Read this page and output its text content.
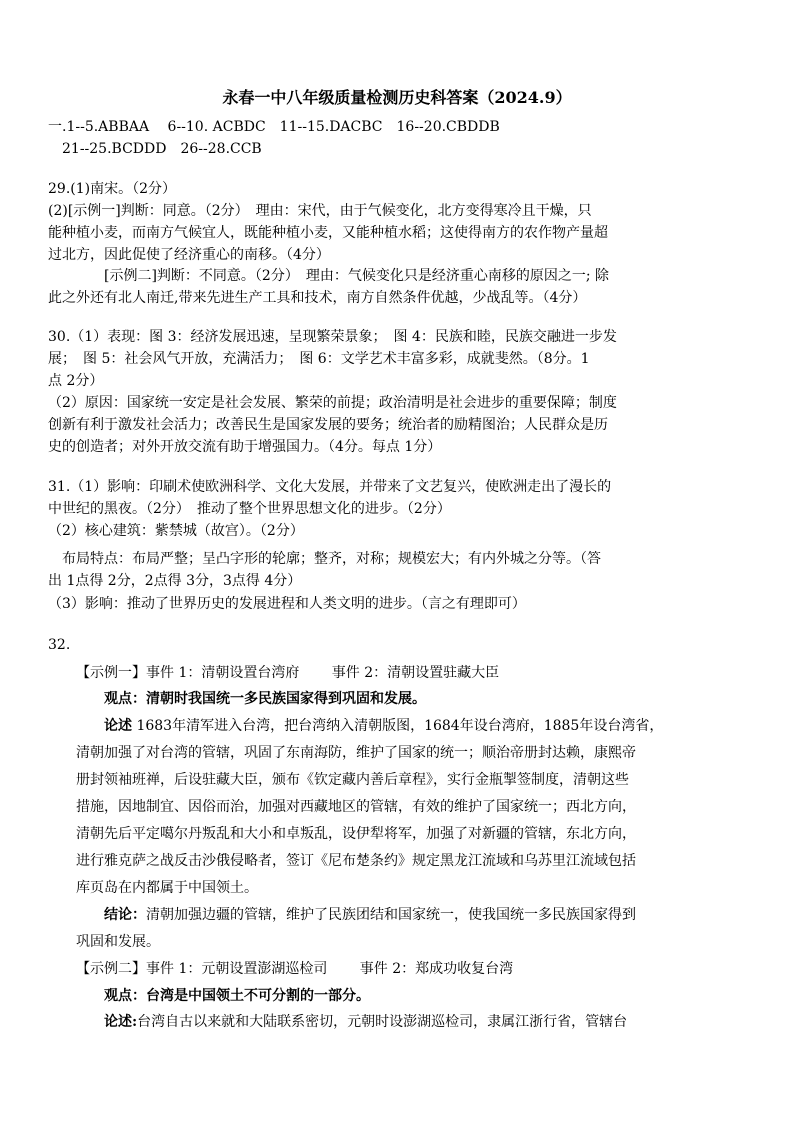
永春一中八年级质量检测历史科答案（2024.9）
一.1--5.ABBAA　 6--10. ACBDC　11--15.DACBC　16--20.CBDDB
21--25.BCDDD　26--28.CCB
29.(1)南宋。（2分）
(2)[示例一]判断：同意。（2分）　理由：宋代，由于气候变化，北方变得寒冷且干燥，只
能种植小麦，而南方气候宜人，既能种植小麦，又能种植水稻；这使得南方的农作物产量超
过北方，因此促使了经济重心的南移。（4分）
[示例二]判断：不同意。（2分）　理由：气候变化只是经济重心南移的原因之一; 除
此之外还有北人南迁,带来先进生产工具和技术，南方自然条件优越，少战乱等。（4分）
30.（1）表现：图 3：经济发展迅速，呈现繁荣景象；　图 4：民族和睦，民族交融进一步发
展；　图 5：社会风气开放，充满活力；　图 6：文学艺术丰富多彩，成就斐然。（8分。1
点 2分）
（2）原因：国家统一安定是社会发展、繁荣的前提；政治清明是社会进步的重要保障；制度
创新有利于激发社会活力；改善民生是国家发展的要务；统治者的励精图治；人民群众是历
史的创造者；对外开放交流有助于增强国力。（4分。每点 1分）
31.（1）影响：印刷术使欧洲科学、文化大发展，并带来了文艺复兴，使欧洲走出了漫长的
中世纪的黑夜。（2分）　推动了整个世界思想文化的进步。（2分）
（2）核心建筑：紫禁城（故宫）。（2分）
布局特点：布局严整；呈凸字形的轮廓；整齐，对称；规模宏大；有内外城之分等。（答
出 1点得 2分，2点得 3分，3点得 4分）
（3）影响：推动了世界历史的发展进程和人类文明的进步。（言之有理即可）
32.
【示例一】事件 1：清朝设置台湾府　　 事件 2：清朝设置驻藏大臣
观点：清朝时我国统一多民族国家得到巩固和发展。
论述 1683年清军进入台湾，把台湾纳入清朝版图，1684年设台湾府，1885年设台湾省，
清朝加强了对台湾的管辖，巩固了东南海防，维护了国家的统一；顺治帝册封达赖，康熙帝
册封领袖班禅，后设驻藏大臣，颁布《钦定藏内善后章程》，实行金瓶掣签制度，清朝这些
措施，因地制宜、因俗而治，加强对西藏地区的管辖，有效的维护了国家统一；西北方向，
清朝先后平定噶尔丹叛乱和大小和卓叛乱，设伊犁将军，加强了对新疆的管辖，东北方向，
进行雅克萨之战反击沙俄侵略者，签订《尼布楚条约》规定黑龙江流域和乌苏里江流域包括
库页岛在内都属于中国领土。
结论：清朝加强边疆的管辖，维护了民族团结和国家统一，使我国统一多民族国家得到
巩固和发展。
【示例二】事件 1：元朝设置澎湖巡检司　　 事件 2：郑成功收复台湾
观点：台湾是中国领土不可分割的一部分。
论述:台湾自古以来就和大陆联系密切，元朝时设澎湖巡检司，隶属江浙行省，管辖台
